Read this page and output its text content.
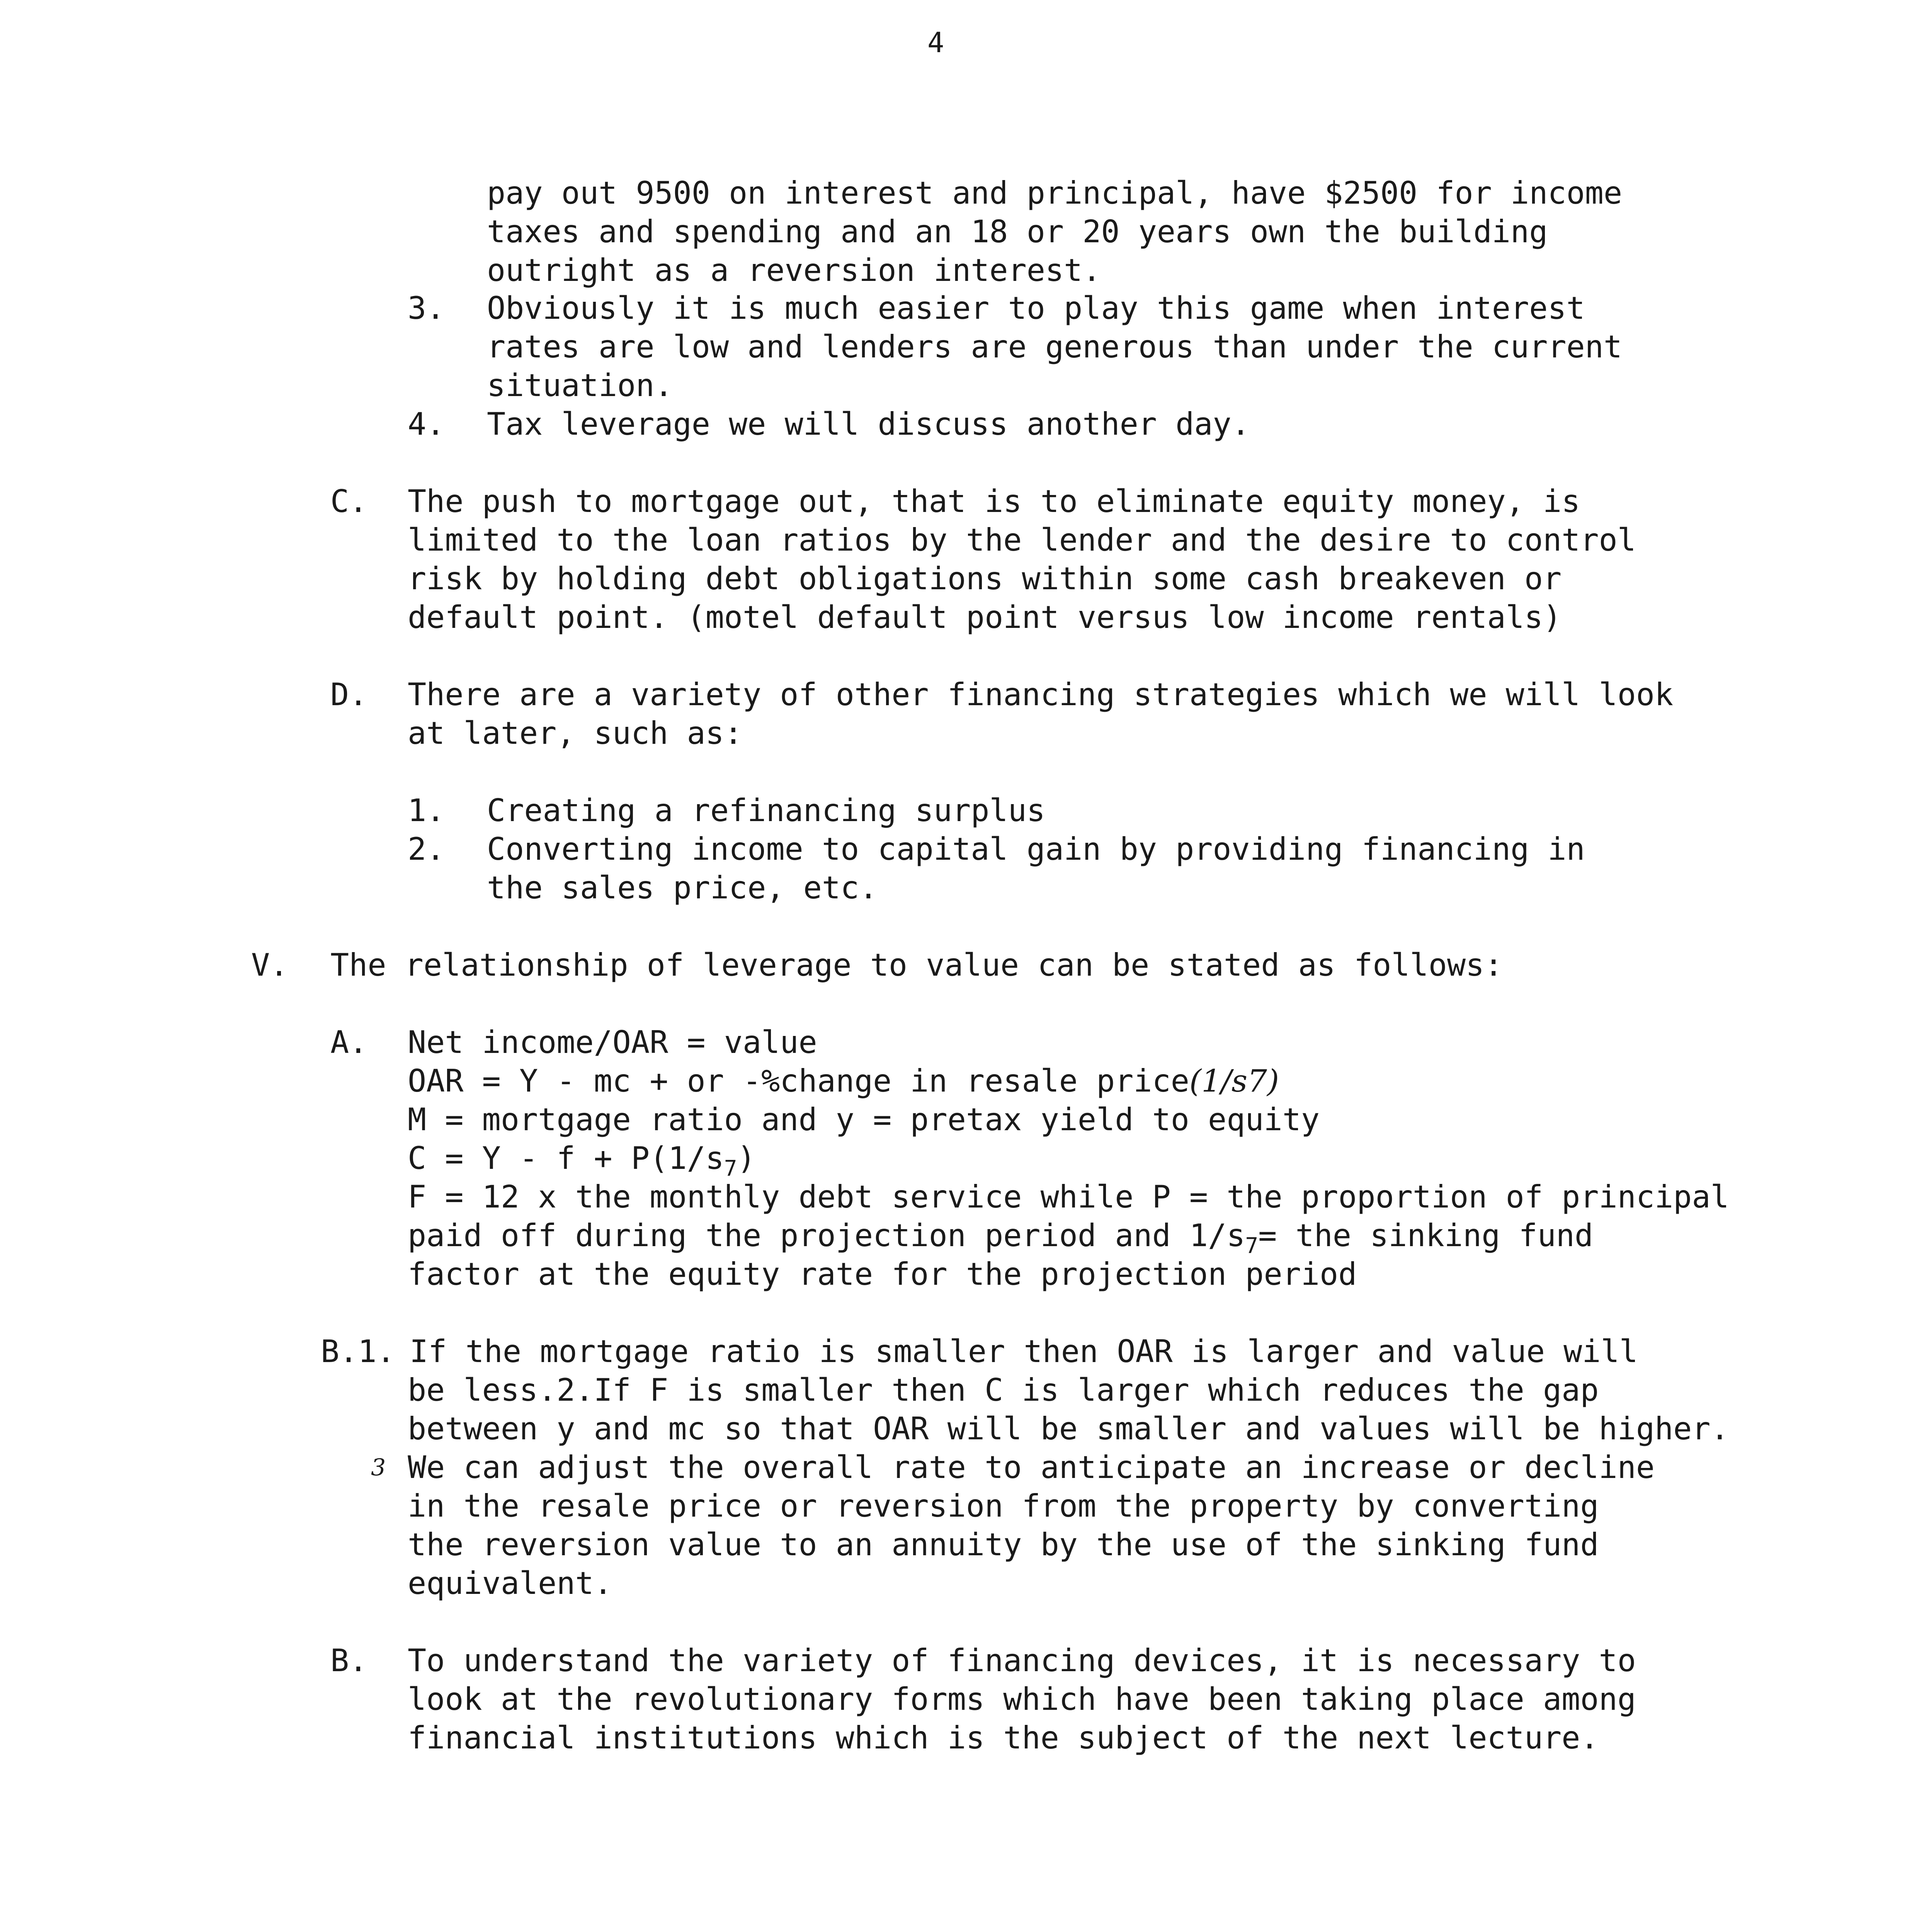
4
pay out 9500 on interest and principal, have $2500 for income
taxes and spending and an 18 or 20 years own the building
outright as a reversion interest.
3. Obviously it is much easier to play this game when interest
rates are low and lenders are generous than under the current
situation.
4. Tax leverage we will discuss another day.
C. The push to mortgage out, that is to eliminate equity money, is
limited to the loan ratios by the lender and the desire to control
risk by holding debt obligations within some cash breakeven or
default point. (motel default point versus low income rentals)
D. There are a variety of other financing strategies which we will look
at later, such as:
1. Creating a refinancing surplus
2. Converting income to capital gain by providing financing in
the sales price, etc.
V. The relationship of leverage to value can be stated as follows:
A. Net income/OAR = value
OAR = Y - mc + or -%change in resale price(1/s7)
M = mortgage ratio and y = pretax yield to equity
$C = Y - f + P(1/s_7)$
F = 12 x the monthly debt service while P = the proportion of principal
paid off during the projection period and $1/s_7=$ the sinking fund
factor at the equity rate for the projection period
B.1. If the mortgage ratio is smaller then OAR is larger and value will
be less.2.If F is smaller then C is larger which reduces the gap
between y and mc so that OAR will be smaller and values will be higher.
3 We can adjust the overall rate to anticipate an increase or decline
in the resale price or reversion from the property by converting
the reversion value to an annuity by the use of the sinking fund
equivalent.
B. To understand the variety of financing devices, it is necessary to
look at the revolutionary forms which have been taking place among
financial institutions which is the subject of the next lecture.
